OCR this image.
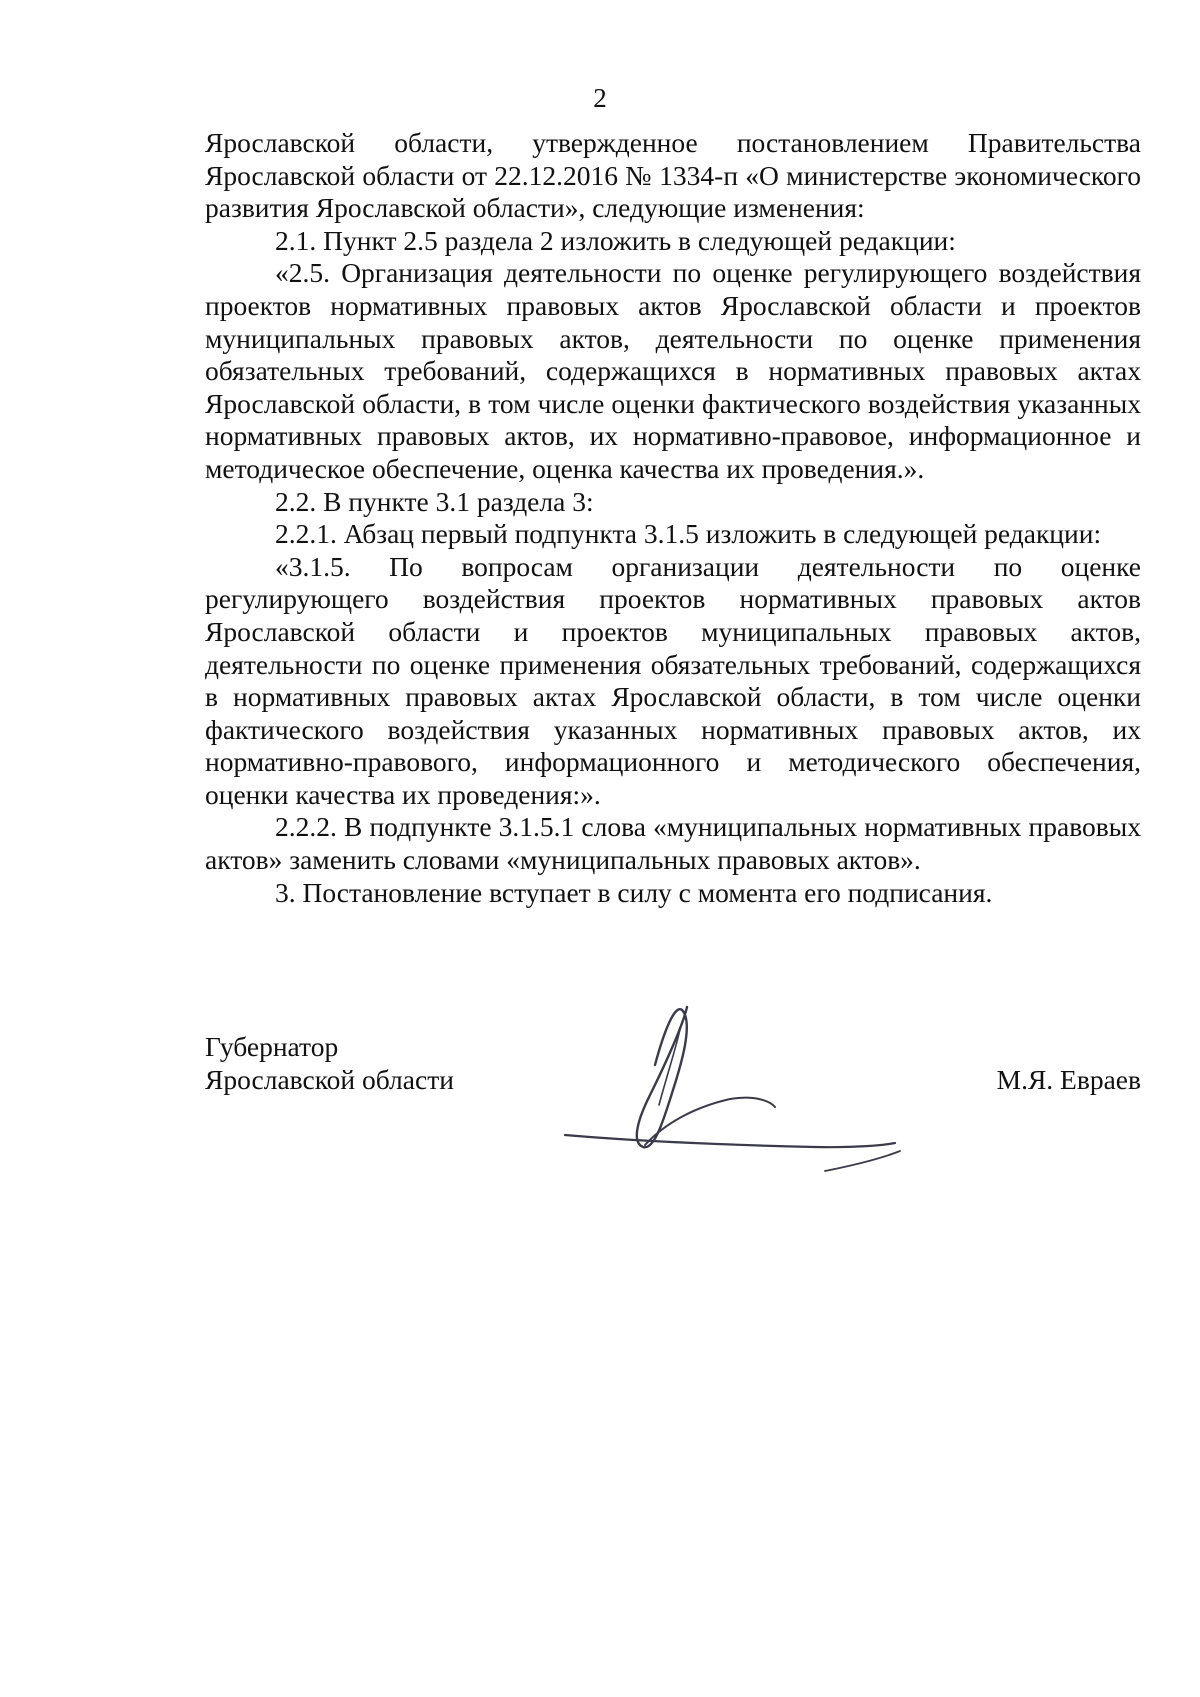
2

Ярославской области, утвержденное постановлением Правительства Ярославской области от 22.12.2016 № 1334-п «О министерстве экономического развития Ярославской области», следующие изменения:

2.1. Пункт 2.5 раздела 2 изложить в следующей редакции:

«2.5. Организация деятельности по оценке регулирующего воздействия проектов нормативных правовых актов Ярославской области и проектов муниципальных правовых актов, деятельности по оценке применения обязательных требований, содержащихся в нормативных правовых актах Ярославской области, в том числе оценки фактического воздействия указанных нормативных правовых актов, их нормативно-правовое, информационное и методическое обеспечение, оценка качества их проведения.».

2.2. В пункте 3.1 раздела 3:

2.2.1. Абзац первый подпункта 3.1.5 изложить в следующей редакции:

«3.1.5. По вопросам организации деятельности по оценке регулирующего воздействия проектов нормативных правовых актов Ярославской области и проектов муниципальных правовых актов, деятельности по оценке применения обязательных требований, содержащихся в нормативных правовых актах Ярославской области, в том числе оценки фактического воздействия указанных нормативных правовых актов, их нормативно-правового, информационного и методического обеспечения, оценки качества их проведения:».

2.2.2. В подпункте 3.1.5.1 слова «муниципальных нормативных правовых актов» заменить словами «муниципальных правовых актов».

3. Постановление вступает в силу с момента его подписания.

Губернатор
Ярославской области	М.Я. Евраев
